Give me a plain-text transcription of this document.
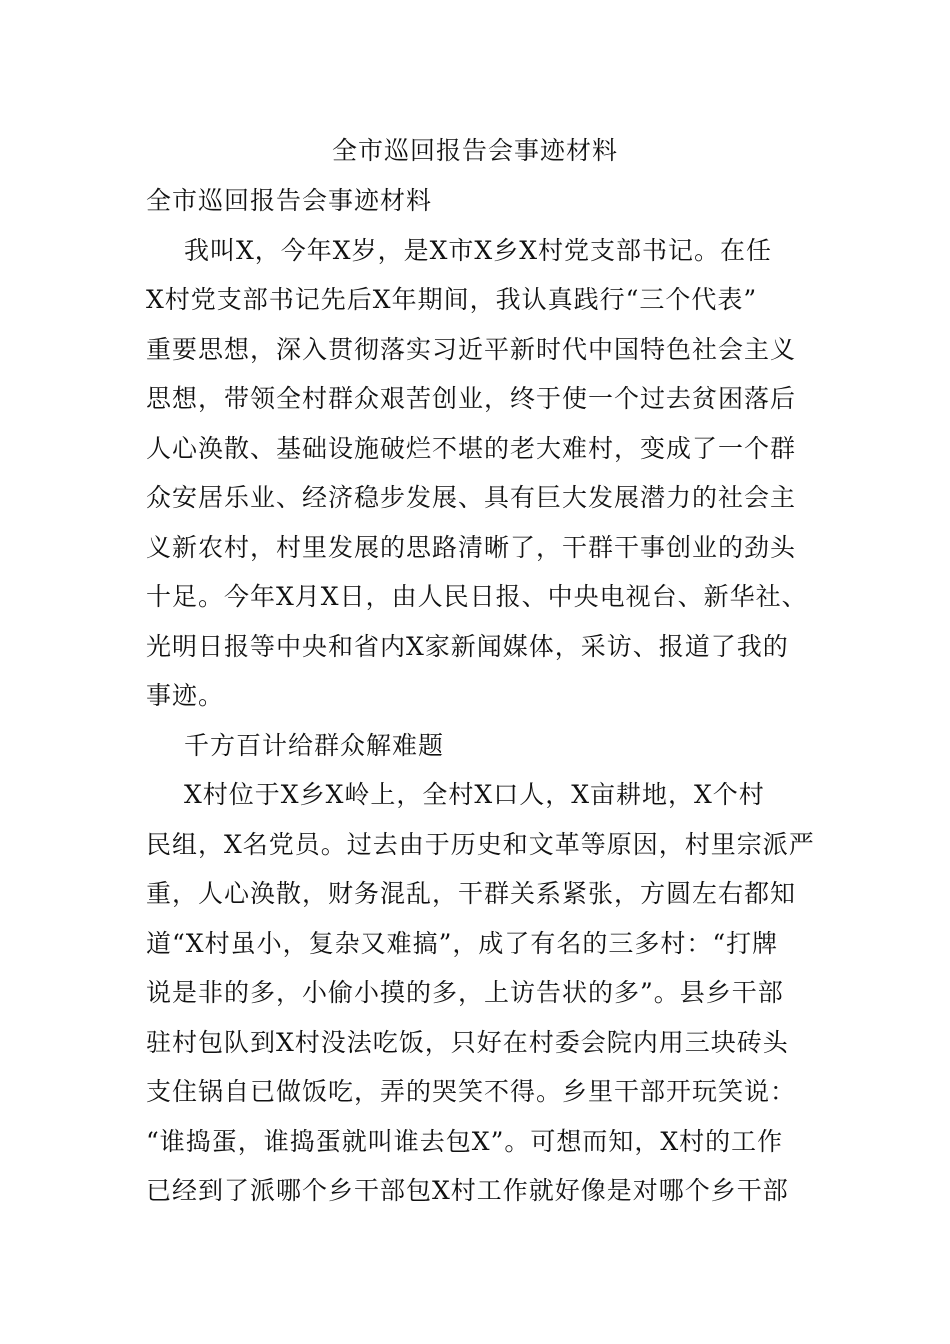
全市巡回报告会事迹材料
全市巡回报告会事迹材料
我叫X，今年X岁，是X市X乡X村党支部书记。在任
X村党支部书记先后X年期间，我认真践行“三个代表”
重要思想，深入贯彻落实习近平新时代中国特色社会主义
思想，带领全村群众艰苦创业，终于使一个过去贫困落后
人心涣散、基础设施破烂不堪的老大难村，变成了一个群
众安居乐业、经济稳步发展、具有巨大发展潜力的社会主
义新农村，村里发展的思路清晰了，干群干事创业的劲头
十足。今年X月X日，由人民日报、中央电视台、新华社、
光明日报等中央和省内X家新闻媒体，采访、报道了我的
事迹。
千方百计给群众解难题
X村位于X乡X岭上，全村X口人，X亩耕地，X个村
民组，X名党员。过去由于历史和文革等原因，村里宗派严
重，人心涣散，财务混乱，干群关系紧张，方圆左右都知
道“X村虽小，复杂又难搞”，成了有名的三多村：“打牌
说是非的多，小偷小摸的多，上访告状的多”。县乡干部
驻村包队到X村没法吃饭，只好在村委会院内用三块砖头
支住锅自已做饭吃，弄的哭笑不得。乡里干部开玩笑说：
“谁捣蛋，谁捣蛋就叫谁去包X”。可想而知，X村的工作
已经到了派哪个乡干部包X村工作就好像是对哪个乡干部
